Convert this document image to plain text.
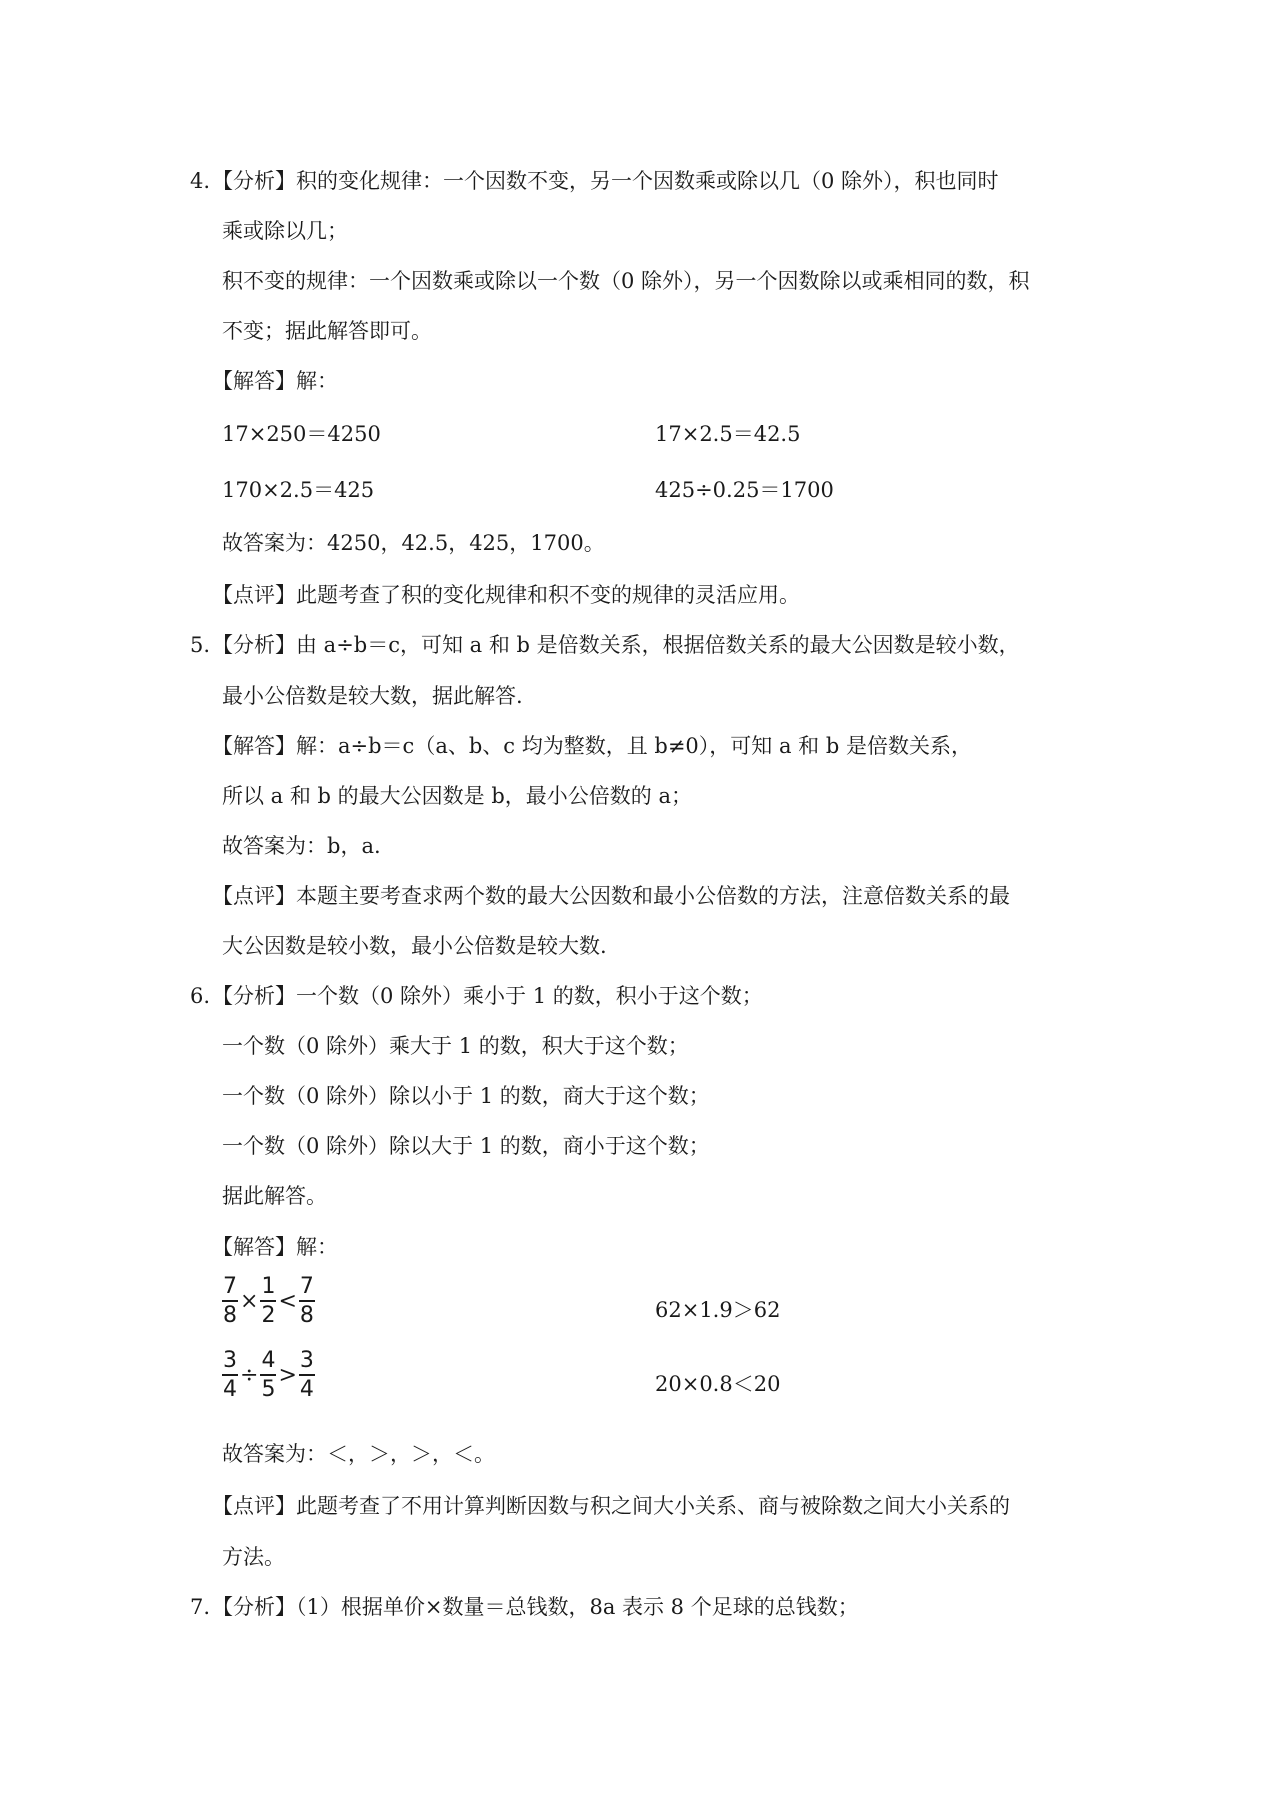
4. 【分析】积的变化规律：一个因数不变，另一个因数乘或除以几（0 除外），积也同时
乘或除以几；
积不变的规律：一个因数乘或除以一个数（0 除外），另一个因数除以或乘相同的数，积
不变；据此解答即可。
【解答】解：
17×250＝4250	17×2.5＝42.5
170×2.5＝425	425÷0.25＝1700
故答案为：4250，42.5，425，1700。
【点评】此题考查了积的变化规律和积不变的规律的灵活应用。
5. 【分析】由 a÷b＝c，可知 a 和 b 是倍数关系，根据倍数关系的最大公因数是较小数，
最小公倍数是较大数，据此解答.
【解答】解：a÷b＝c（a、b、c 均为整数，且 b≠0），可知 a 和 b 是倍数关系，
所以 a 和 b 的最大公因数是 b，最小公倍数的 a；
故答案为：b，a.
【点评】本题主要考查求两个数的最大公因数和最小公倍数的方法，注意倍数关系的最
大公因数是较小数，最小公倍数是较大数.
6. 【分析】一个数（0 除外）乘小于 1 的数，积小于这个数；
一个数（0 除外）乘大于 1 的数，积大于这个数；
一个数（0 除外）除以小于 1 的数，商大于这个数；
一个数（0 除外）除以大于 1 的数，商小于这个数；
据此解答。
【解答】解：
$\frac{7}{8} \times \frac{1}{2} < \frac{7}{8}$	62×1.9＞62
$\frac{3}{4} \div \frac{4}{5} > \frac{3}{4}$	20×0.8＜20
故答案为：＜，＞，＞，＜。
【点评】此题考查了不用计算判断因数与积之间大小关系、商与被除数之间大小关系的
方法。
7. 【分析】（1）根据单价×数量＝总钱数，8a 表示 8 个足球的总钱数；
